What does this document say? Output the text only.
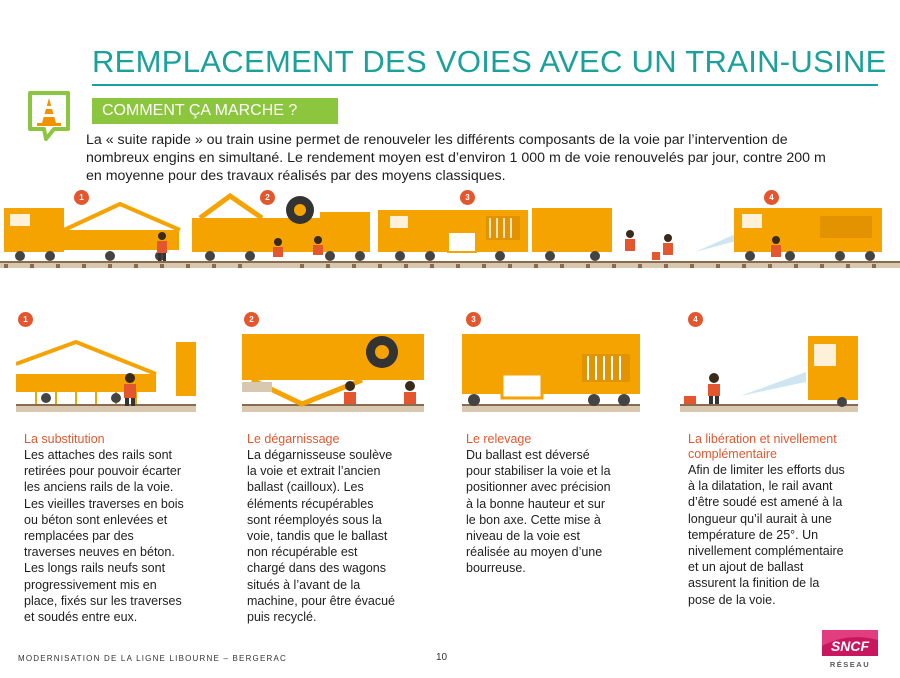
REMPLACEMENT DES VOIES AVEC UN TRAIN-USINE
COMMENT ÇA MARCHE ?
La « suite rapide » ou train usine permet de renouveler les différents composants de la voie par l’intervention de
nombreux engins en simultané. Le rendement moyen est d’environ 1 000 m de voie renouvelés par jour, contre 200 m
en moyenne pour des travaux réalisés par des moyens classiques.
1	2	3	4
1
La substitution
Les attaches des rails sont
retirées pour pouvoir écarter
les anciens rails de la voie.
Les vieilles traverses en bois
ou béton sont enlevées et
remplacées par des
traverses neuves en béton.
Les longs rails neufs sont
progressivement mis en
place, fixés sur les traverses
et soudés entre eux.
2
Le dégarnissage
La dégarnisseuse soulève
la voie et extrait l’ancien
ballast (cailloux). Les
éléments récupérables
sont réemployés sous la
voie, tandis que le ballast
non récupérable est
chargé dans des wagons
situés à l’avant de la
machine, pour être évacué
puis recyclé.
3
Le relevage
Du ballast est déversé
pour stabiliser la voie et la
positionner avec précision
à la bonne hauteur et sur
le bon axe. Cette mise à
niveau de la voie est
réalisée au moyen d’une
bourreuse.
4
La libération et nivellement
complémentaire
Afin de limiter les efforts dus
à la dilatation, le rail avant
d’être soudé est amené à la
longueur qu’il aurait à une
température de 25°. Un
nivellement complémentaire
et un ajout de ballast
assurent la finition de la
pose de la voie.
MODERNISATION DE LA LIGNE LIBOURNE – BERGERAC	10
SNCF
RÉSEAU
